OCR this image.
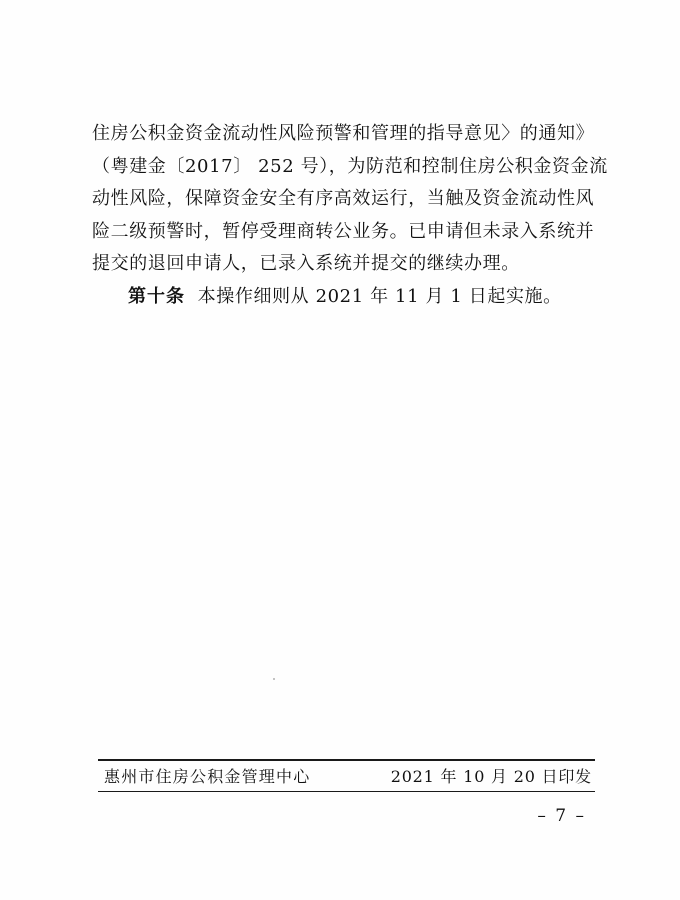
住房公积金资金流动性风险预警和管理的指导意见〉的通知》
（粤建金〔2017〕 252 号），为防范和控制住房公积金资金流
动性风险，保障资金安全有序高效运行，当触及资金流动性风
险二级预警时，暂停受理商转公业务。已申请但未录入系统并
提交的退回申请人，已录入系统并提交的继续办理。
第十条 本操作细则从 2021 年 11 月 1 日起实施。
惠州市住房公积金管理中心	2021 年 10 月 20 日印发
– 7 –
